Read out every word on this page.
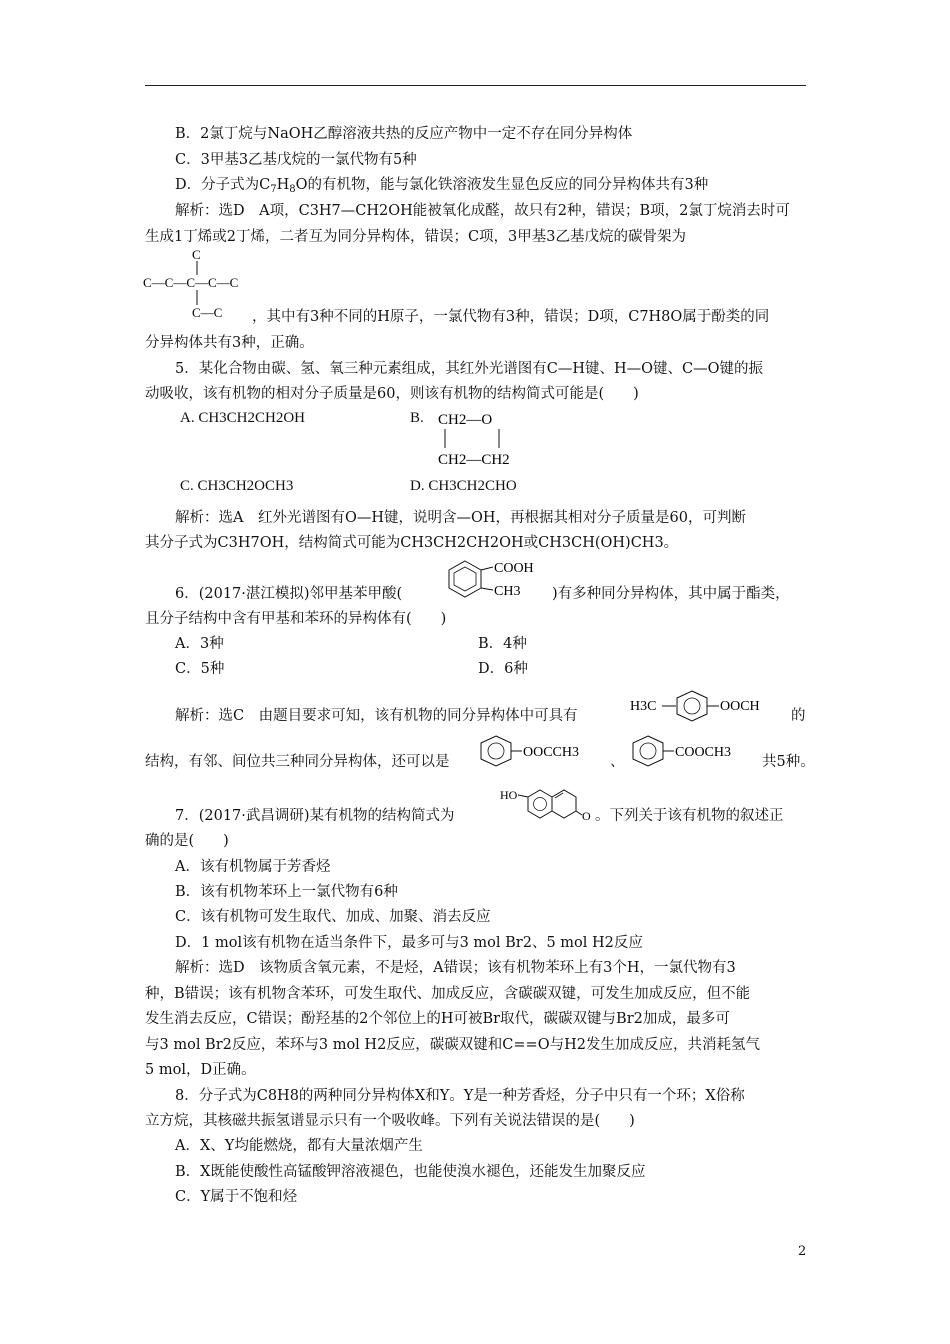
B．2氯丁烷与NaOH乙醇溶液共热的反应产物中一定不存在同分异构体
C．3甲基3乙基戊烷的一氯代物有5种
D．分子式为$C_7H_8O$的有机物，能与氯化铁溶液发生显色反应的同分异构体共有3种
解析：选D　A项，C3H7—CH2OH能被氧化成醛，故只有2种，错误；B项，2氯丁烷消去时可
生成1丁烯或2丁烯，二者互为同分异构体，错误；C项，3甲基3乙基戊烷的碳骨架为
C
C—C—C—C—C
C—C ，其中有3种不同的H原子，一氯代物有3种，错误；D项，C7H8O属于酚类的同
分异构体共有3种，正确。
5．某化合物由碳、氢、氧三种元素组成，其红外光谱图有C—H键、H—O键、C—O键的振
动吸收，该有机物的相对分子质量是60，则该有机物的结构简式可能是(　　)
A. CH3CH2CH2OH	B. CH2—O
CH2—CH2
C. CH3CH2OCH3	D. CH3CH2CHO
解析：选A　红外光谱图有O—H键，说明含—OH，再根据其相对分子质量是60，可判断
其分子式为C3H7OH，结构简式可能为CH3CH2CH2OH或CH3CH(OH)CH3。
6．(2017·湛江模拟)邻甲基苯甲酸(
COOH
CH3 )有多种同分异构体，其中属于酯类，
且分子结构中含有甲基和苯环的异构体有(　　)
A．3种	B．4种
C．5种	D．6种
解析：选C　由题目要求可知，该有机物的同分异构体中可具有
H3C	OOCH
的
结构，有邻、间位共三种同分异构体，还可以是
OOCCH3
、
COOCH3
共5种。
7．(2017·武昌调研)某有机物的结构简式为
HO
O 。下列关于该有机物的叙述正
确的是(　　)
A．该有机物属于芳香烃
B．该有机物苯环上一氯代物有6种
C．该有机物可发生取代、加成、加聚、消去反应
D．1 mol该有机物在适当条件下，最多可与3 mol Br2、5 mol H2反应
解析：选D　该物质含氧元素，不是烃，A错误；该有机物苯环上有3个H，一氯代物有3
种，B错误；该有机物含苯环，可发生取代、加成反应，含碳碳双键，可发生加成反应，但不能
发生消去反应，C错误；酚羟基的2个邻位上的H可被Br取代，碳碳双键与Br2加成，最多可
与3 mol Br2反应，苯环与3 mol H2反应，碳碳双键和C==O与H2发生加成反应，共消耗氢气
5 mol，D正确。
8．分子式为C8H8的两种同分异构体X和Y。Y是一种芳香烃，分子中只有一个环；X俗称
立方烷，其核磁共振氢谱显示只有一个吸收峰。下列有关说法错误的是(　　)
A．X、Y均能燃烧，都有大量浓烟产生
B．X既能使酸性高锰酸钾溶液褪色，也能使溴水褪色，还能发生加聚反应
C．Y属于不饱和烃
2
